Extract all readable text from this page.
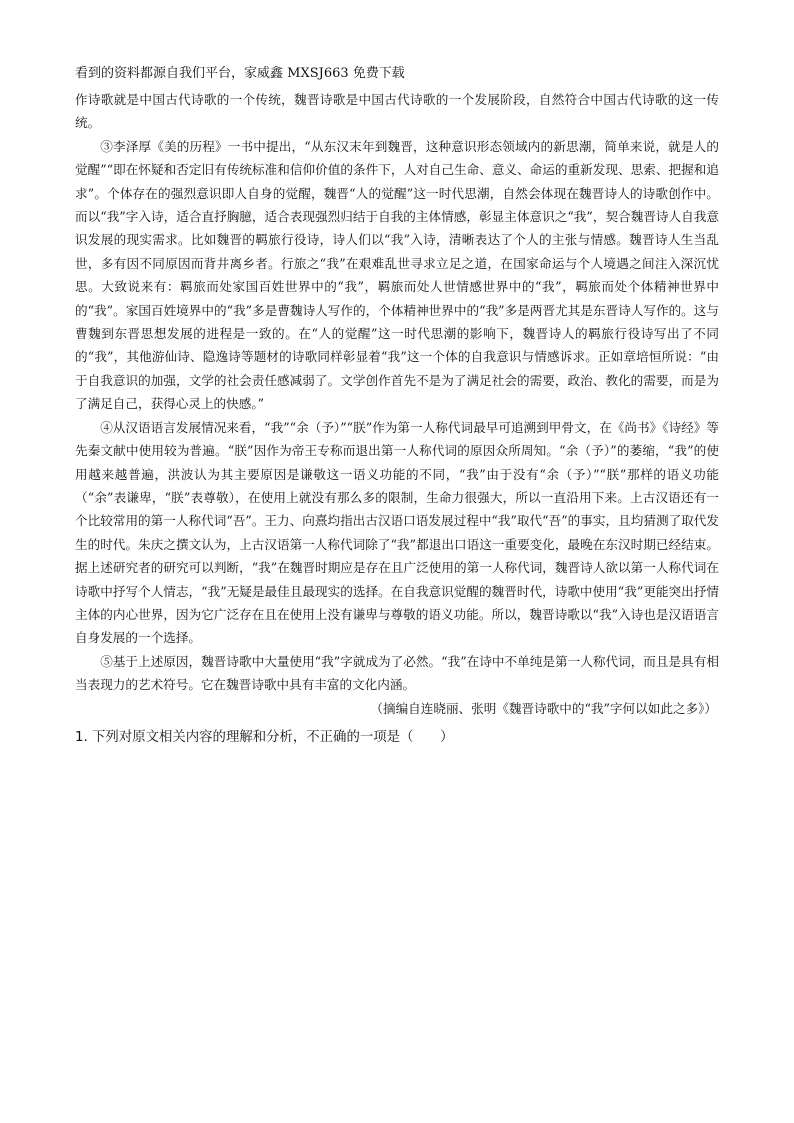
看到的资料都源自我们平台，家威鑫 MXSJ663 免费下载

作诗歌就是中国古代诗歌的一个传统，魏晋诗歌是中国古代诗歌的一个发展阶段，自然符合中国古代诗歌的这一传统。

③李泽厚《美的历程》一书中提出，“从东汉末年到魏晋，这种意识形态领域内的新思潮，简单来说，就是人的觉醒”“即在怀疑和否定旧有传统标准和信仰价值的条件下，人对自己生命、意义、命运的重新发现、思索、把握和追求”。个体存在的强烈意识即人自身的觉醒，魏晋“人的觉醒”这一时代思潮，自然会体现在魏晋诗人的诗歌创作中。而以“我”字入诗，适合直抒胸臆，适合表现强烈归结于自我的主体情感，彰显主体意识之“我”，契合魏晋诗人自我意识发展的现实需求。比如魏晋的羁旅行役诗，诗人们以“我”入诗，清晰表达了个人的主张与情感。魏晋诗人生当乱世，多有因不同原因而背井离乡者。行旅之“我”在艰难乱世寻求立足之道，在国家命运与个人境遇之间注入深沉忧思。大致说来有：羁旅而处家国百姓世界中的“我”，羁旅而处人世情感世界中的“我”，羁旅而处个体精神世界中的“我”。家国百姓境界中的“我”多是曹魏诗人写作的，个体精神世界中的“我”多是两晋尤其是东晋诗人写作的。这与曹魏到东晋思想发展的进程是一致的。在“人的觉醒”这一时代思潮的影响下，魏晋诗人的羁旅行役诗写出了不同的“我”，其他游仙诗、隐逸诗等题材的诗歌同样彰显着“我”这一个体的自我意识与情感诉求。正如章培恒所说：“由于自我意识的加强，文学的社会责任感减弱了。文学创作首先不是为了满足社会的需要，政治、教化的需要，而是为了满足自己，获得心灵上的快感。”

④从汉语语言发展情况来看，“我”“余（予）”“朕”作为第一人称代词最早可追溯到甲骨文，在《尚书》《诗经》等先秦文献中使用较为普遍。“朕”因作为帝王专称而退出第一人称代词的原因众所周知。“余（予）”的萎缩，“我”的使用越来越普遍，洪波认为其主要原因是谦敬这一语义功能的不同，“我”由于没有“余（予）”“朕”那样的语义功能（“余”表谦卑，“朕”表尊敬），在使用上就没有那么多的限制，生命力很强大，所以一直沿用下来。上古汉语还有一个比较常用的第一人称代词“吾”。王力、向熹均指出古汉语口语发展过程中“我”取代“吾”的事实，且均猜测了取代发生的时代。朱庆之撰文认为，上古汉语第一人称代词除了“我”都退出口语这一重要变化，最晚在东汉时期已经结束。据上述研究者的研究可以判断，“我”在魏晋时期应是存在且广泛使用的第一人称代词，魏晋诗人欲以第一人称代词在诗歌中抒写个人情志，“我”无疑是最佳且最现实的选择。在自我意识觉醒的魏晋时代，诗歌中使用“我”更能突出抒情主体的内心世界，因为它广泛存在且在使用上没有谦卑与尊敬的语义功能。所以，魏晋诗歌以“我”入诗也是汉语语言自身发展的一个选择。

⑤基于上述原因，魏晋诗歌中大量使用“我”字就成为了必然。“我”在诗中不单纯是第一人称代词，而且是具有相当表现力的艺术符号。它在魏晋诗歌中具有丰富的文化内涵。

（摘编自连晓丽、张明《魏晋诗歌中的“我”字何以如此之多》）

1. 下列对原文相关内容的理解和分析，不正确的一项是（　　）
